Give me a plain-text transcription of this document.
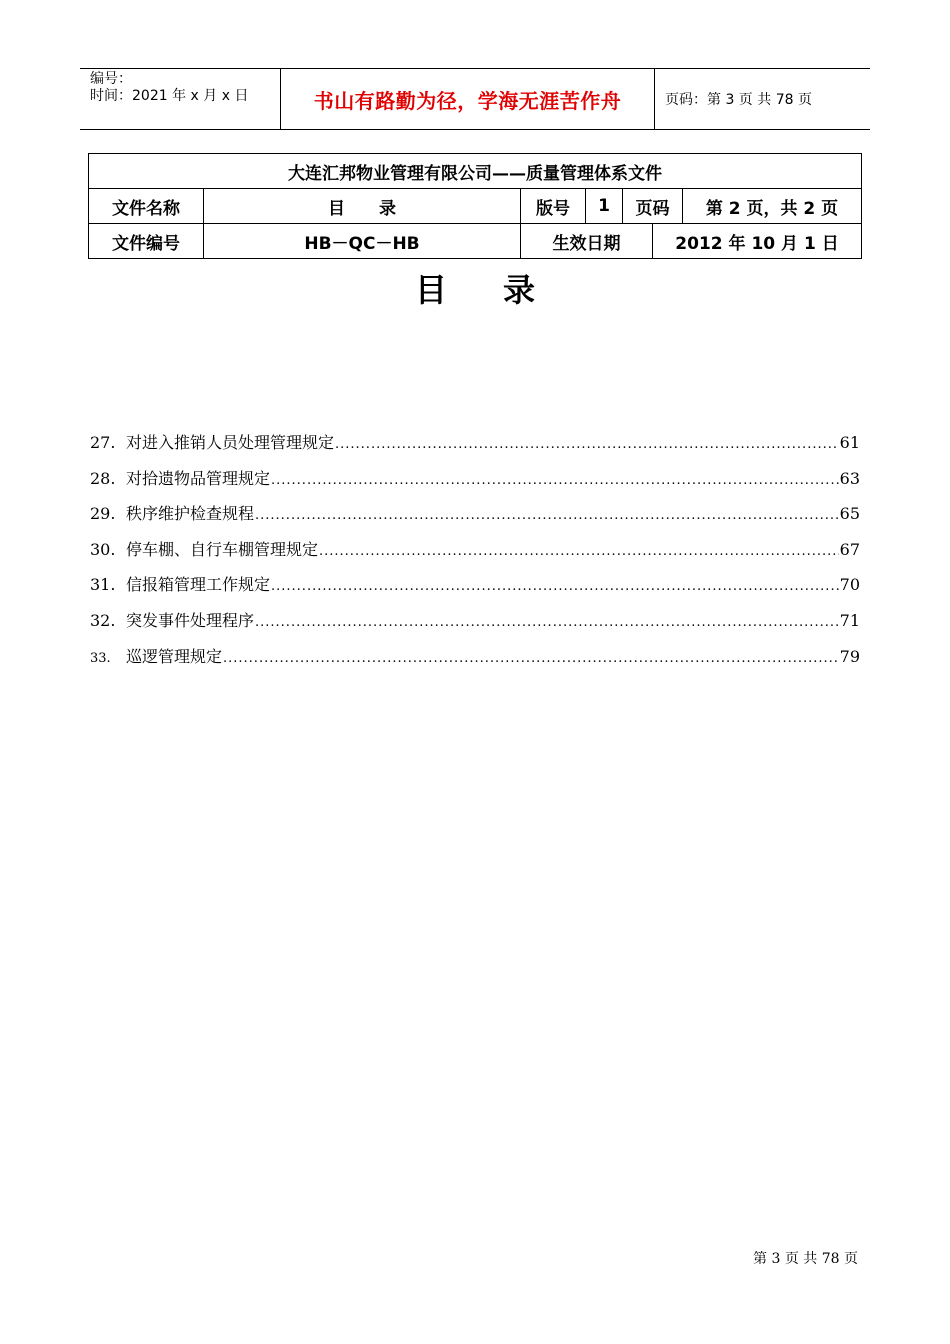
编号：
时间：2021 年 x 月 x 日	书山有路勤为径，学海无涯苦作舟	页码：第 3 页 共 78 页
大连汇邦物业管理有限公司——质量管理体系文件						
文件名称	目　　录	版号	1	页码		第 2 页，共 2 页
文件编号	HB－QC－HB	生效日期			2012 年 10 月 1 日	
目录
27. 对进入推销人员处理管理规定 .....	61
28. 对拾遗物品管理规定 .....	63
29. 秩序维护检查规程 .....	65
30. 停车棚、自行车棚管理规定 .....	67
31. 信报箱管理工作规定 .....	70
32. 突发事件处理程序 .....	71
33. 巡逻管理规定 .....	79
第 3 页 共 78 页
